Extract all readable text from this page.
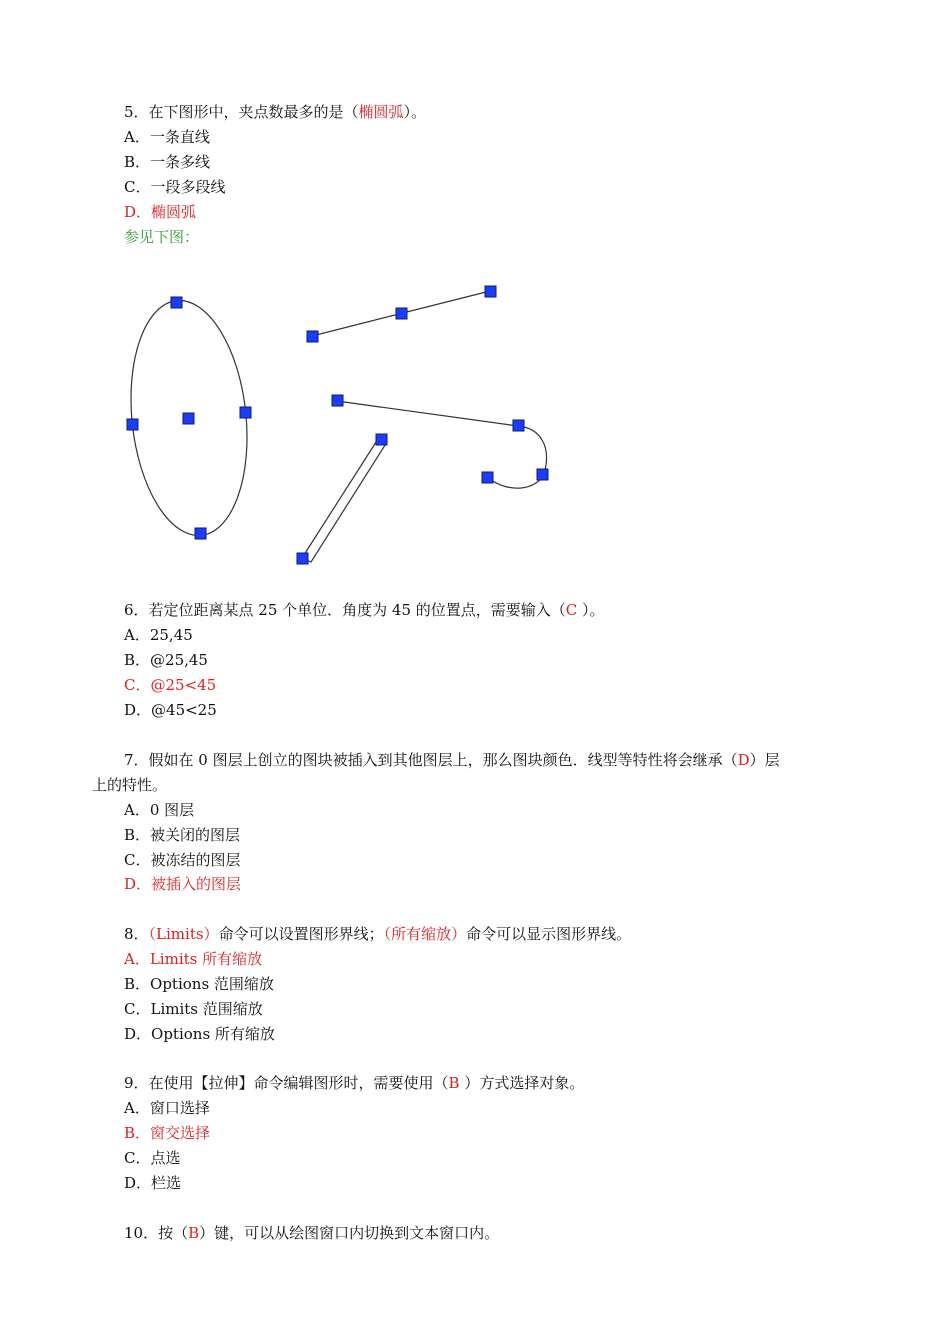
5．在下图形中，夹点数最多的是（椭圆弧）。
A．一条直线
B．一条多线
C．一段多段线
D．椭圆弧
参见下图：
6．若定位距离某点 25 个单位．角度为 45 的位置点，需要输入（C ）。
A．25,45
B．@25,45
C．@25<45
D．@45<25
7．假如在 0 图层上创立的图块被插入到其他图层上，那么图块颜色．线型等特性将会继承（D）层
上的特性。
A．0 图层
B．被关闭的图层
C．被冻结的图层
D．被插入的图层
8．（Limits）命令可以设置图形界线；（所有缩放）命令可以显示图形界线。
A．Limits 所有缩放
B．Options 范围缩放
C．Limits 范围缩放
D．Options 所有缩放
9．在使用【拉伸】命令编辑图形时，需要使用（B ）方式选择对象。
A．窗口选择
B．窗交选择
C．点选
D．栏选
10．按（B）键，可以从绘图窗口内切换到文本窗口内。
